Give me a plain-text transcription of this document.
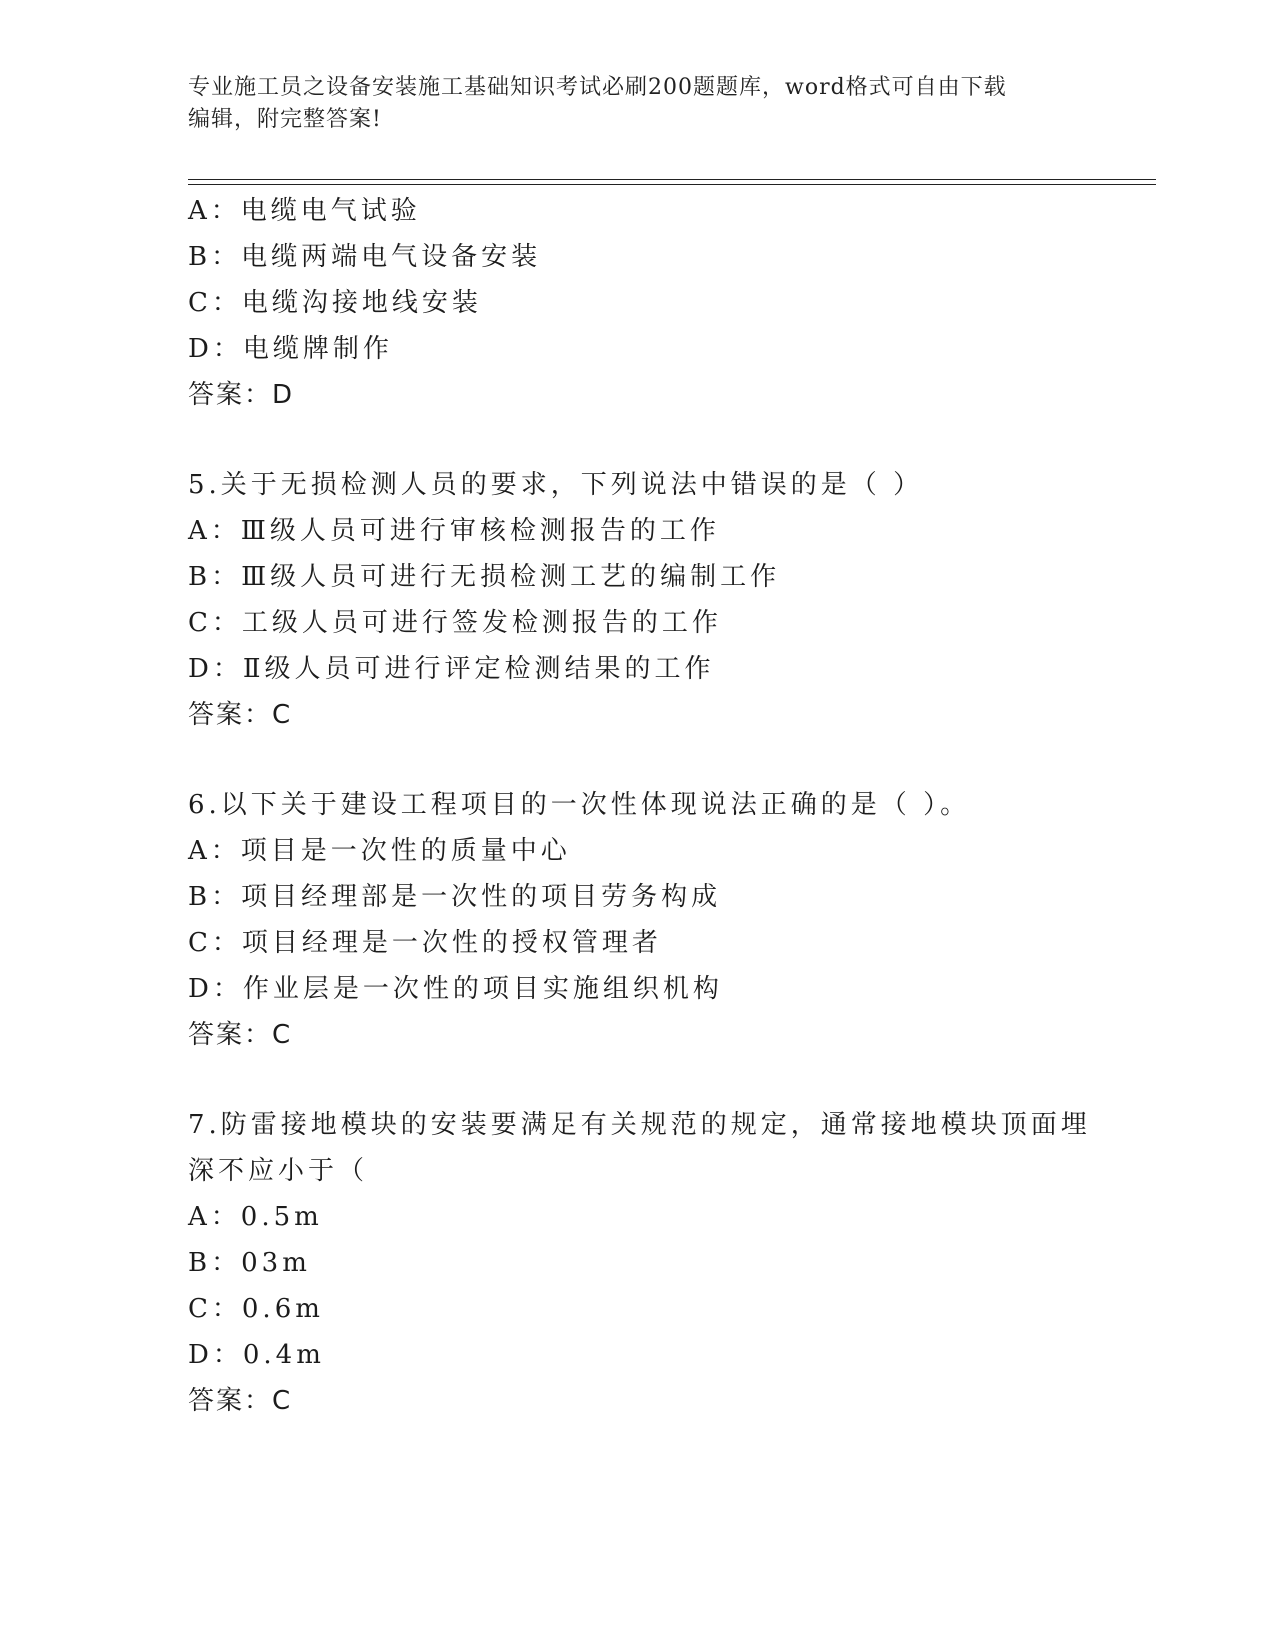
专业施工员之设备安装施工基础知识考试必刷200题题库，word格式可自由下载
编辑，附完整答案!
A：电缆电气试验
B：电缆两端电气设备安装
C：电缆沟接地线安装
D：电缆牌制作
答案：D
5.关于无损检测人员的要求，下列说法中错误的是（ ）
A：Ⅲ级人员可进行审核检测报告的工作
B：Ⅲ级人员可进行无损检测工艺的编制工作
C：工级人员可进行签发检测报告的工作
D：Ⅱ级人员可进行评定检测结果的工作
答案：C
6.以下关于建设工程项目的一次性体现说法正确的是（ ）。
A：项目是一次性的质量中心
B：项目经理部是一次性的项目劳务构成
C：项目经理是一次性的授权管理者
D：作业层是一次性的项目实施组织机构
答案：C
7.防雷接地模块的安装要满足有关规范的规定，通常接地模块顶面埋
深不应小于（
A：0.5m
B：03m
C：0.6m
D：0.4m
答案：C
